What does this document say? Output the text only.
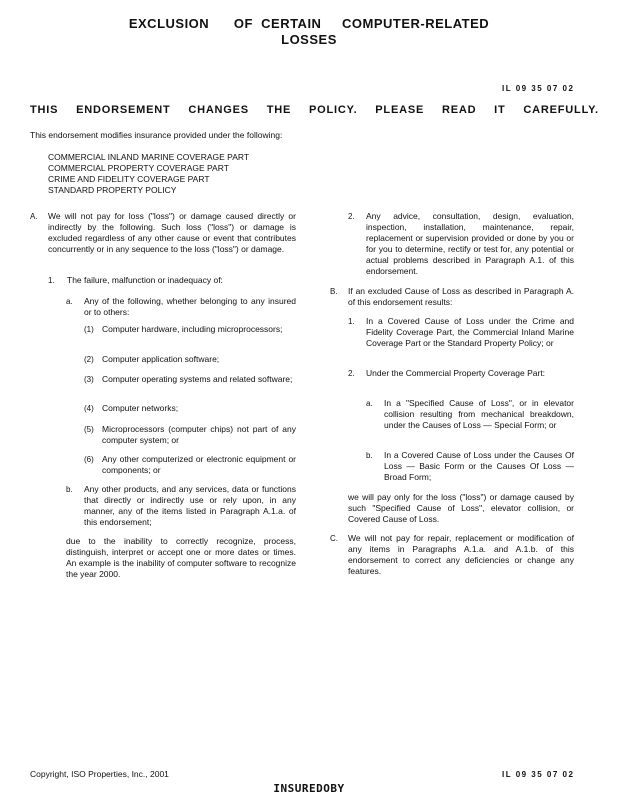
EXCLUSION      OF  CERTAIN     COMPUTER-RELATED
LOSSES
IL 09 35 07 02
THIS ENDORSEMENT CHANGES THE POLICY. PLEASE READ IT CAREFULLY.
This endorsement modifies insurance provided under the following:
COMMERCIAL INLAND MARINE COVERAGE PART
COMMERCIAL PROPERTY COVERAGE PART
CRIME AND FIDELITY COVERAGE PART
STANDARD PROPERTY POLICY
A. We will not pay for loss ("loss") or damage caused directly or indirectly by the following. Such loss ("loss") or damage is excluded regardless of any other cause or event that contributes concurrently or in any sequence to the loss ("loss") or damage.
1. The failure, malfunction or inadequacy of:
a. Any of the following, whether belonging to any insured or to others:
(1) Computer hardware, including microprocessors;
(2) Computer application software;
(3) Computer operating systems and related software;
(4) Computer networks;
(5) Microprocessors (computer chips) not part of any computer system; or
(6) Any other computerized or electronic equipment or components; or
b. Any other products, and any services, data or functions that directly or indirectly use or rely upon, in any manner, any of the items listed in Paragraph A.1.a. of this endorsement;
due to the inability to correctly recognize, process, distinguish, interpret or accept one or more dates or times. An example is the inability of computer software to recognize the year 2000.
2. Any advice, consultation, design, evaluation, inspection, installation, maintenance, repair, replacement or supervision provided or done by you or for you to determine, rectify or test for, any potential or actual problems described in Paragraph A.1. of this endorsement.
B. If an excluded Cause of Loss as described in Paragraph A. of this endorsement results:
1. In a Covered Cause of Loss under the Crime and Fidelity Coverage Part, the Commercial Inland Marine Coverage Part or the Standard Property Policy; or
2. Under the Commercial Property Coverage Part:
a. In a "Specified Cause of Loss", or in elevator collision resulting from mechanical breakdown, under the Causes of Loss — Special Form; or
b. In a Covered Cause of Loss under the Causes Of Loss — Basic Form or the Causes Of Loss — Broad Form;
we will pay only for the loss ("loss") or damage caused by such "Specified Cause of Loss", elevator collision, or Covered Cause of Loss.
C. We will not pay for repair, replacement or modification of any items in Paragraphs A.1.a. and A.1.b. of this endorsement to correct any deficiencies or change any features.
Copyright, ISO Properties, Inc., 2001	IL 09 35 07 02
INSUREDOBY
